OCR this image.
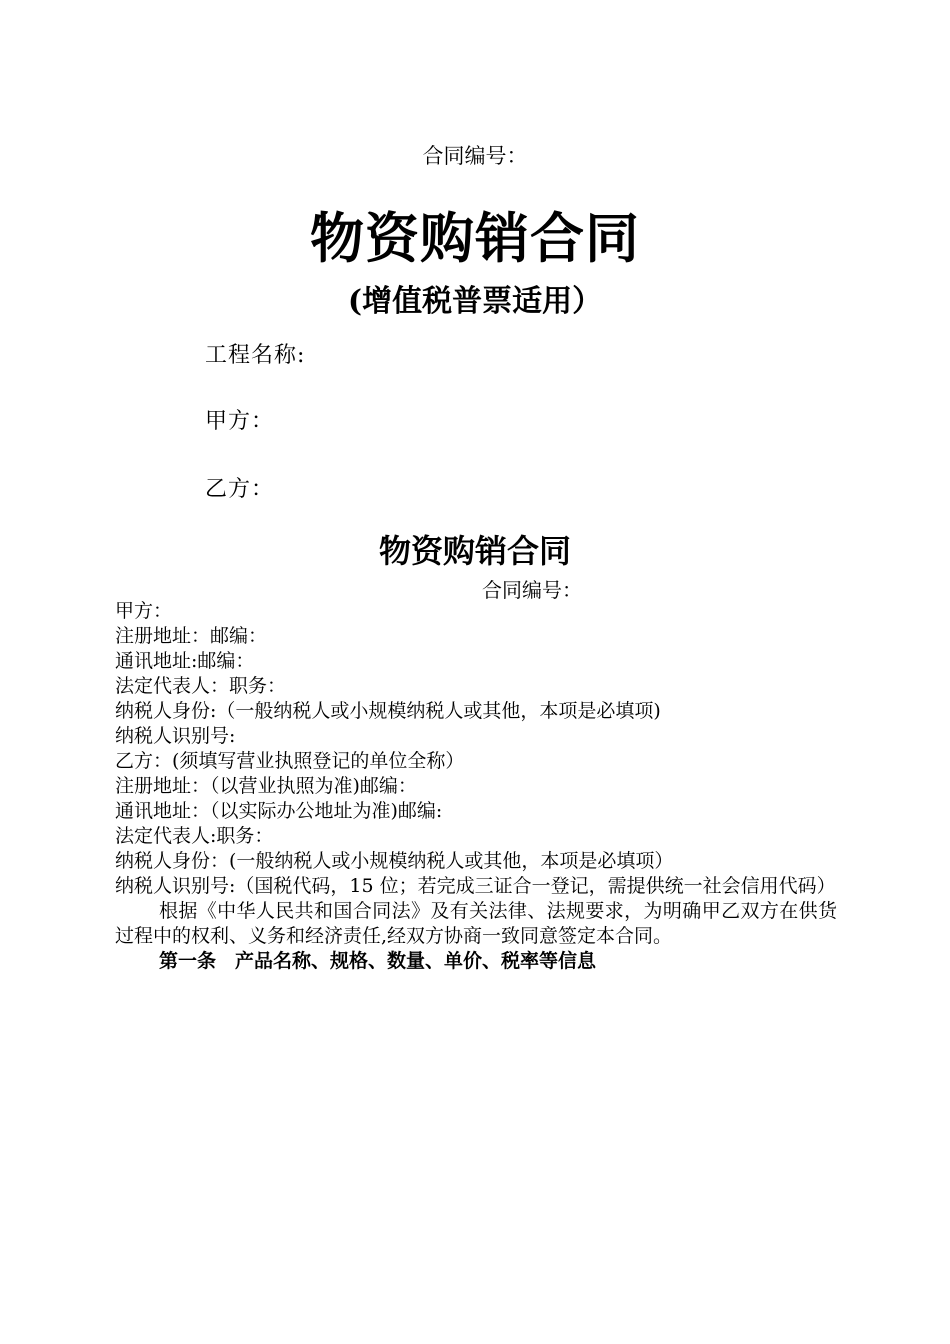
合同编号：
物资购销合同
(增值税普票适用）
工程名称:
甲方：
乙方：
物资购销合同
合同编号：
甲方：
注册地址：邮编：
通讯地址:邮编：
法定代表人：职务：
纳税人身份:（一般纳税人或小规模纳税人或其他，本项是必填项)
纳税人识别号:
乙方：(须填写营业执照登记的单位全称）
注册地址：（以营业执照为准)邮编：
通讯地址：（以实际办公地址为准)邮编:
法定代表人:职务：
纳税人身份：(一般纳税人或小规模纳税人或其他，本项是必填项）
纳税人识别号:（国税代码，15 位；若完成三证合一登记，需提供统一社会信用代码）
根据《中华人民共和国合同法》及有关法律、法规要求，为明确甲乙双方在供货过程中的权利、义务和经济责任,经双方协商一致同意签定本合同。
第一条　产品名称、规格、数量、单价、税率等信息
